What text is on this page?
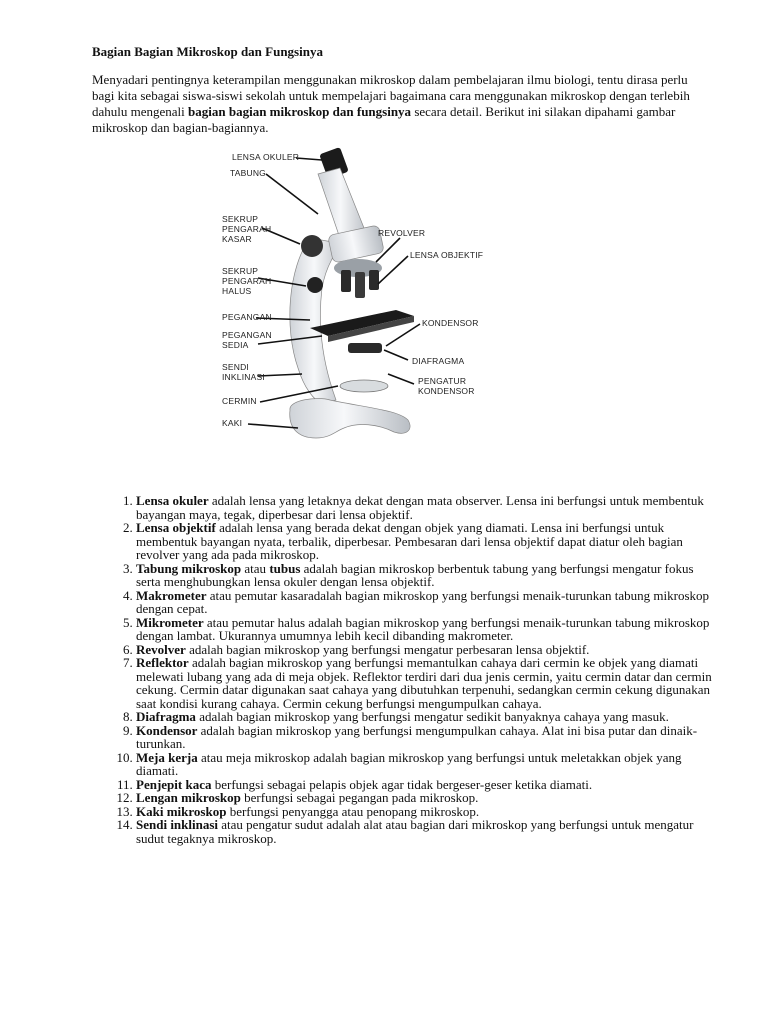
Bagian Bagian Mikroskop dan Fungsinya
Menyadari pentingnya keterampilan menggunakan mikroskop dalam pembelajaran ilmu biologi, tentu dirasa perlu bagi kita sebagai siswa-siswi sekolah untuk mempelajari bagaimana cara menggunakan mikroskop dengan terlebih dahulu mengenali bagian bagian mikroskop dan fungsinya secara detail. Berikut ini silakan dipahami gambar mikroskop dan bagian-bagiannya.
LENSA OKULER
TABUNG
SEKRUP
PENGARAH
KASAR
REVOLVER
LENSA OBJEKTIF
SEKRUP
PENGARAH
HALUS
PEGANGAN
PEGANGAN
SEDIA
KONDENSOR
SENDI
INKLINASI
DIAFRAGMA
PENGATUR
KONDENSOR
CERMIN
KAKI
1. Lensa okuler adalah lensa yang letaknya dekat dengan mata observer. Lensa ini berfungsi untuk membentuk bayangan maya, tegak, diperbesar dari lensa objektif.
2. Lensa objektif adalah lensa yang berada dekat dengan objek yang diamati. Lensa ini berfungsi untuk membentuk bayangan nyata, terbalik, diperbesar. Pembesaran dari lensa objektif dapat diatur oleh bagian revolver yang ada pada mikroskop.
3. Tabung mikroskop atau tubus adalah bagian mikroskop berbentuk tabung yang berfungsi mengatur fokus serta menghubungkan lensa okuler dengan lensa objektif.
4. Makrometer atau pemutar kasaradalah bagian mikroskop yang berfungsi menaik-turunkan tabung mikroskop dengan cepat.
5. Mikrometer atau pemutar halus adalah bagian mikroskop yang berfungsi menaik-turunkan tabung mikroskop dengan lambat. Ukurannya umumnya lebih kecil dibanding makrometer.
6. Revolver adalah bagian mikroskop yang berfungsi mengatur perbesaran lensa objektif.
7. Reflektor adalah bagian mikroskop yang berfungsi memantulkan cahaya dari cermin ke objek yang diamati melewati lubang yang ada di meja objek. Reflektor terdiri dari dua jenis cermin, yaitu cermin datar dan cermin cekung. Cermin datar digunakan saat cahaya yang dibutuhkan terpenuhi, sedangkan cermin cekung digunakan saat kondisi kurang cahaya. Cermin cekung berfungsi mengumpulkan cahaya.
8. Diafragma adalah bagian mikroskop yang berfungsi mengatur sedikit banyaknya cahaya yang masuk.
9. Kondensor adalah bagian mikroskop yang berfungsi mengumpulkan cahaya. Alat ini bisa putar dan dinaik-turunkan.
10. Meja kerja atau meja mikroskop adalah bagian mikroskop yang berfungsi untuk meletakkan objek yang diamati.
11. Penjepit kaca berfungsi sebagai pelapis objek agar tidak bergeser-geser ketika diamati.
12. Lengan mikroskop berfungsi sebagai pegangan pada mikroskop.
13. Kaki mikroskop berfungsi penyangga atau penopang mikroskop.
14. Sendi inklinasi atau pengatur sudut adalah alat atau bagian dari mikroskop yang berfungsi untuk mengatur sudut tegaknya mikroskop.
